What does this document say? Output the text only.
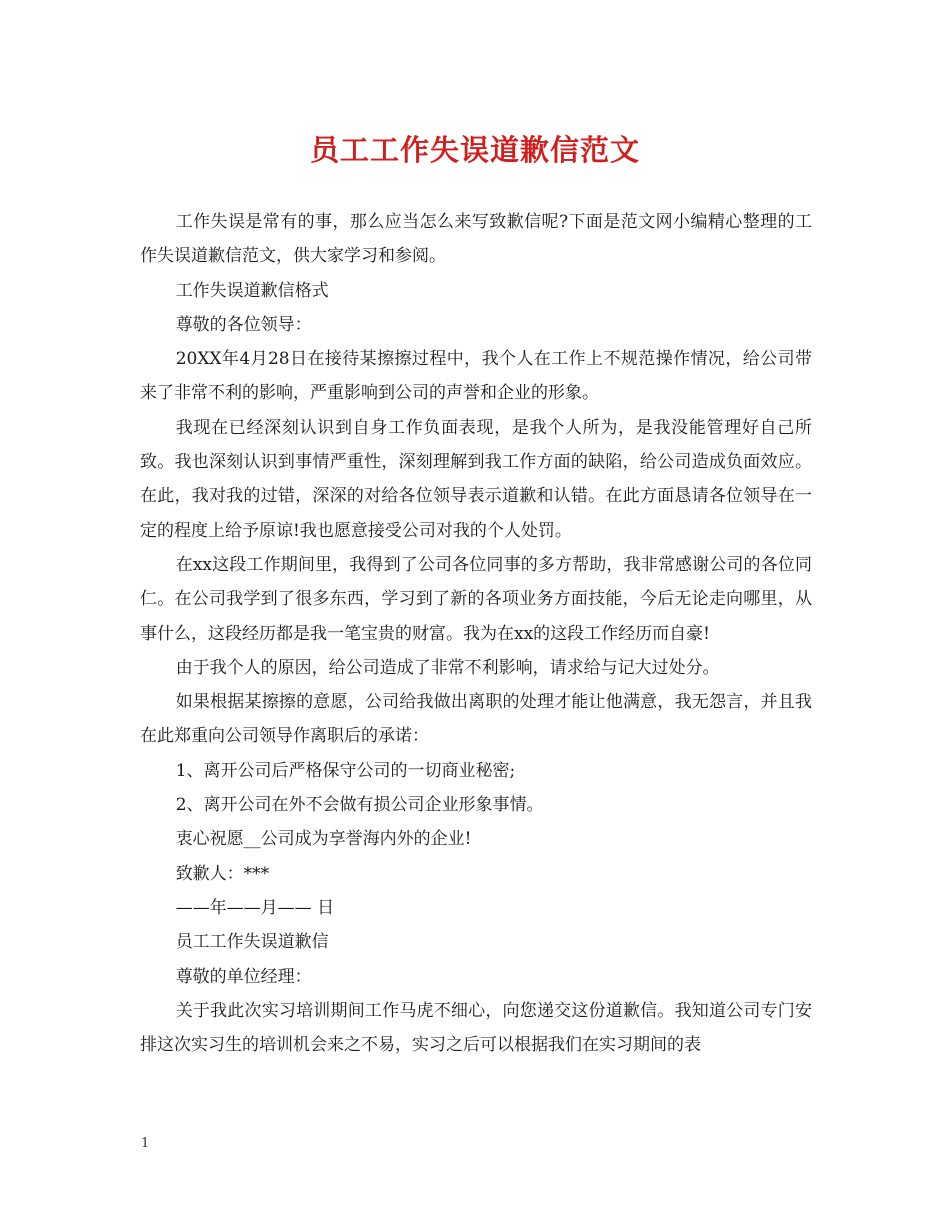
员工工作失误道歉信范文

工作失误是常有的事，那么应当怎么来写致歉信呢?下面是范文网小编精心整理的工作失误道歉信范文，供大家学习和参阅。

工作失误道歉信格式

尊敬的各位领导：

20XX年4月28日在接待某擦擦过程中，我个人在工作上不规范操作情况，给公司带来了非常不利的影响，严重影响到公司的声誉和企业的形象。

我现在已经深刻认识到自身工作负面表现，是我个人所为，是我没能管理好自己所致。我也深刻认识到事情严重性，深刻理解到我工作方面的缺陷，给公司造成负面效应。在此，我对我的过错，深深的对给各位领导表示道歉和认错。在此方面恳请各位领导在一定的程度上给予原谅!我也愿意接受公司对我的个人处罚。

在xx这段工作期间里，我得到了公司各位同事的多方帮助，我非常感谢公司的各位同仁。在公司我学到了很多东西，学习到了新的各项业务方面技能，今后无论走向哪里，从事什么，这段经历都是我一笔宝贵的财富。我为在xx的这段工作经历而自豪!

由于我个人的原因，给公司造成了非常不利影响，请求给与记大过处分。

如果根据某擦擦的意愿，公司给我做出离职的处理才能让他满意，我无怨言，并且我在此郑重向公司领导作离职后的承诺：

1、离开公司后严格保守公司的一切商业秘密;

2、离开公司在外不会做有损公司企业形象事情。

衷心祝愿__公司成为享誉海内外的企业!

致歉人：***

——年——月—— 日

员工工作失误道歉信

尊敬的单位经理：

关于我此次实习培训期间工作马虎不细心，向您递交这份道歉信。我知道公司专门安排这次实习生的培训机会来之不易，实习之后可以根据我们在实习期间的表

1
